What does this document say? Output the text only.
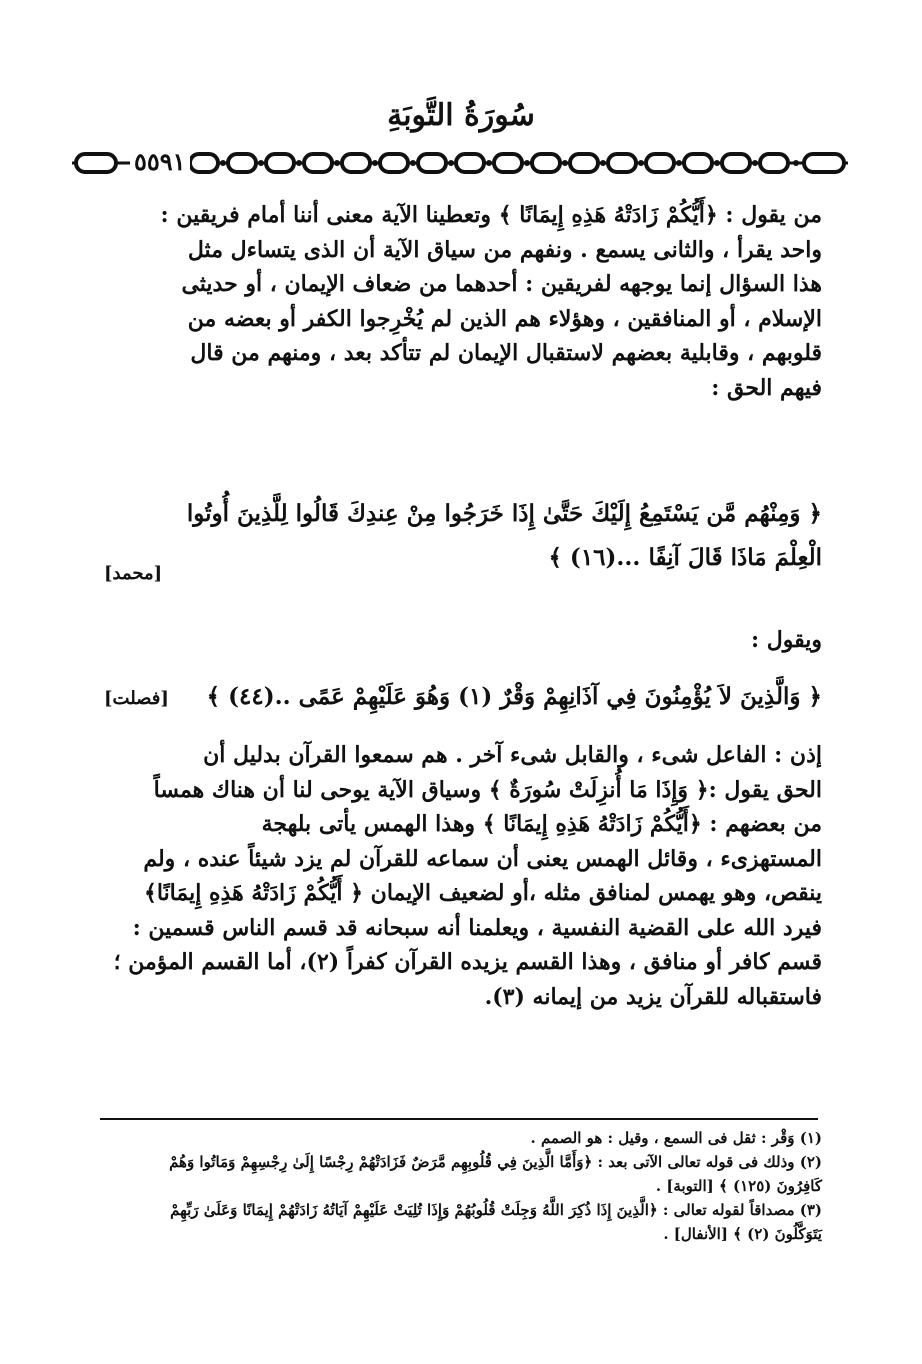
سُورَةُ التَّوبَةِ
٥٥٩١
من يقول : ﴿أَيُّكُمْ زَادَتْهُ هَذِهِ إِيمَانًا ﴾ وتعطينا الآية معنى أننا أمام فريقين :
واحد يقرأ ، والثانى يسمع . ونفهم من سياق الآية أن الذى يتساءل مثل
هذا السؤال إنما يوجهه لفريقين : أحدهما من ضعاف الإيمان ، أو حديثى
الإسلام ، أو المنافقين ، وهؤلاء هم الذين لم يُخْرِجوا الكفر أو بعضه من
قلوبهم ، وقابلية بعضهم لاستقبال الإيمان لم تتأكد بعد ، ومنهم من قال
فيهم الحق :
﴿ وَمِنْهُم مَّن يَسْتَمِعُ إِلَيْكَ حَتَّىٰ إِذَا خَرَجُوا مِنْ عِندِكَ قَالُوا لِلَّذِينَ أُوتُوا
الْعِلْمَ مَاذَا قَالَ آنِفًا ...(١٦) ﴾
[محمد]
ويقول :
﴿ وَالَّذِينَ لاَ يُؤْمِنُونَ فِي آذَانِهِمْ وَقْرٌ (١) وَهُوَ عَلَيْهِمْ عَمًى ..(٤٤) ﴾
[فصلت]
إذن : الفاعل شىء ، والقابل شىء آخر . هم سمعوا القرآن بدليل أن
الحق يقول :﴿ وَإِذَا مَا أُنزِلَتْ سُورَةٌ ﴾ وسياق الآية يوحى لنا أن هناك همساً
من بعضهم : ﴿أَيُّكُمْ زَادَتْهُ هَذِهِ إِيمَانًا ﴾ وهذا الهمس يأتى بلهجة
المستهزىء ، وقائل الهمس يعنى أن سماعه للقرآن لم يزد شيئاً عنده ، ولم
ينقص، وهو يهمس لمنافق مثله ،أو لضعيف الإيمان ﴿ أَيُّكُمْ زَادَتْهُ هَذِهِ إِيمَانًا﴾
فيرد الله على القضية النفسية ، ويعلمنا أنه سبحانه قد قسم الناس قسمين :
قسم كافر أو منافق ، وهذا القسم يزيده القرآن كفراً (٢)، أما القسم المؤمن ؛
فاستقباله للقرآن يزيد من إيمانه (٣).

(١) وَقْر : ثقل فى السمع ، وقيل : هو الصمم .

(٢) وذلك فى قوله تعالى الآتى بعد : ﴿وَأَمَّا الَّذِينَ فِي قُلُوبِهِم مَّرَضٌ فَزَادَتْهُمْ رِجْسًا إِلَىٰ رِجْسِهِمْ وَمَاتُوا وَهُمْ

كَافِرُونَ (١٢٥) ﴾ [التوبة] .

(٣) مصداقاً لقوله تعالى : ﴿الَّذِينَ إِذَا ذُكِرَ اللَّهُ وَجِلَتْ قُلُوبُهُمْ وَإِذَا تُلِيَتْ عَلَيْهِمْ آيَاتُهُ زَادَتْهُمْ إِيمَانًا وَعَلَىٰ رَبِّهِمْ

يَتَوَكَّلُونَ (٢) ﴾ [الأنفال] .
